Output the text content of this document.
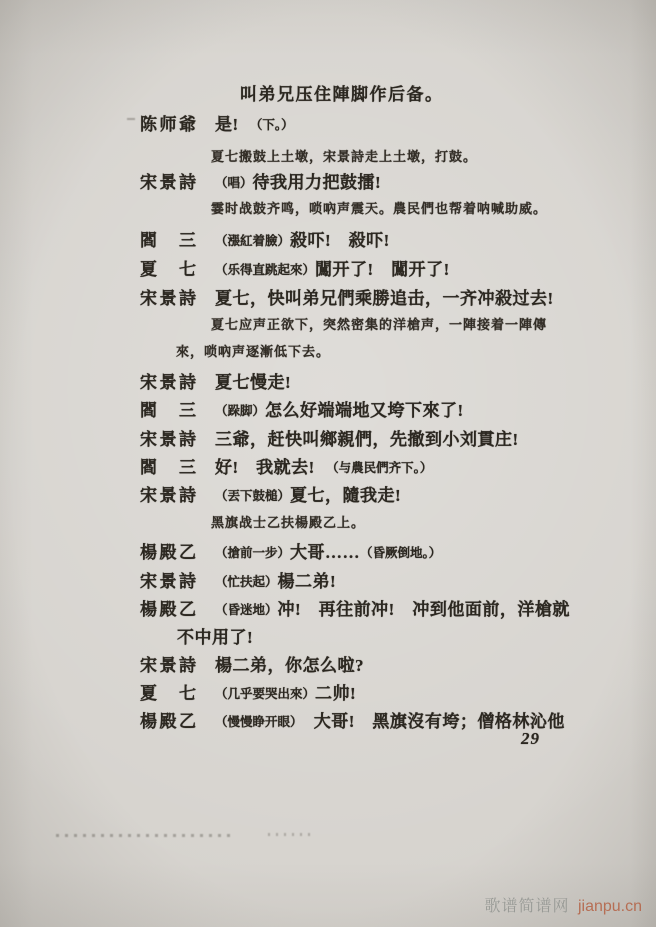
叫弟兄压住陣脚作后备。
陈师爺 是!　（下。）
夏七搬鼓上土墩，宋景詩走上土墩，打鼓。
宋景詩 （唱）待我用力把鼓擂!
霎时战鼓齐鸣，唢吶声震天。農民們也帮着呐喊助威。
閻　三 （漲紅着臉）殺吓!　殺吓!
夏　七 （乐得直跳起來）闖开了!　闖开了!
宋景詩 夏七，快叫弟兄們乘勝追击，一齐冲殺过去!
夏七应声正欲下，突然密集的洋槍声，一陣接着一陣傳
來，唢吶声逐漸低下去。
宋景詩 夏七慢走!
閻　三 （跺脚）怎么好端端地又垮下來了!
宋景詩 三爺，赶快叫鄉親們，先撤到小刘貫庄!
閻　三 好!　我就去!　（与農民們齐下。）
宋景詩 （丟下鼓槌）夏七，隨我走!
黑旗战士乙扶楊殿乙上。
楊殿乙 （搶前一步）大哥……（昏厥倒地。）
宋景詩 （忙扶起）楊二弟!
楊殿乙 （昏迷地）冲!　再往前冲!　冲到他面前，洋槍就
不中用了!
宋景詩 楊二弟，你怎么啦?
夏　七 （几乎要哭出來）二帅!
楊殿乙 （慢慢睁开眼）　大哥!　黑旗沒有垮；僧格林沁他
29
歌谱简谱网 jianpu.cn
